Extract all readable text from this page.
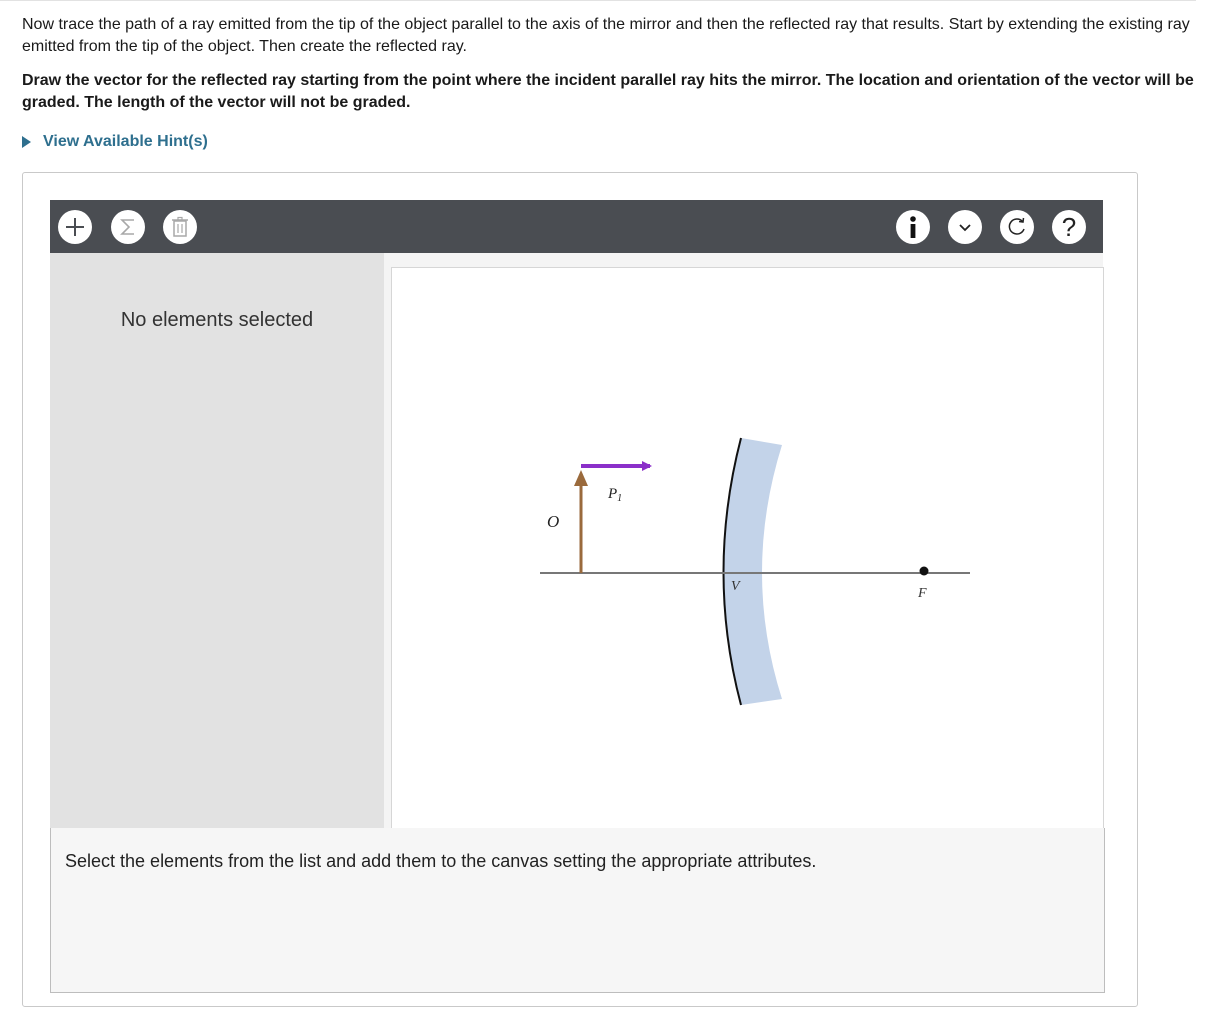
Now trace the path of a ray emitted from the tip of the object parallel to the axis of the mirror and then the reflected ray that results. Start by extending the existing ray emitted from the tip of the object. Then create the reflected ray.

Draw the vector for the reflected ray starting from the point where the incident parallel ray hits the mirror. The location and orientation of the vector will be graded. The length of the vector will not be graded.

View Available Hint(s)
?
No elements selected
O
$P_1$
V	F
Select the elements from the list and add them to the canvas setting the appropriate attributes.
